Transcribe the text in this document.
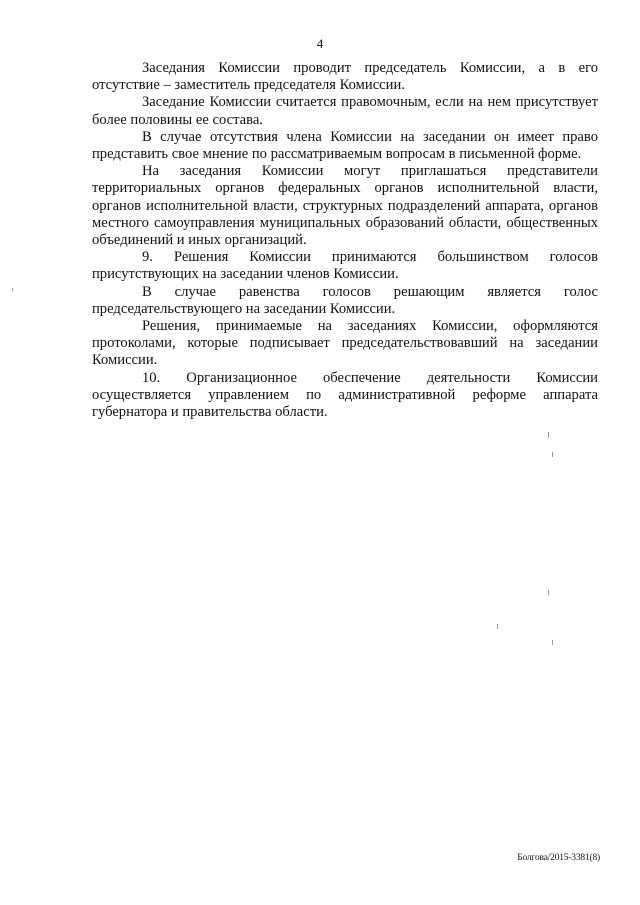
4

Заседания Комиссии проводит председатель Комиссии, а в его отсутствие – заместитель председателя Комиссии.

Заседание Комиссии считается правомочным, если на нем присутствует более половины ее состава.

В случае отсутствия члена Комиссии на заседании он имеет право представить свое мнение по рассматриваемым вопросам в письменной форме.

На заседания Комиссии могут приглашаться представители территориальных органов федеральных органов исполнительной власти, органов исполнительной власти, структурных подразделений аппарата, органов местного самоуправления муниципальных образований области, общественных объединений и иных организаций.

9. Решения Комиссии принимаются большинством голосов присутствующих на заседании членов Комиссии.

В случае равенства голосов решающим является голос председательствующего на заседании Комиссии.

Решения, принимаемые на заседаниях Комиссии, оформляются протоколами, которые подписывает председательствовавший на заседании Комиссии.

10. Организационное обеспечение деятельности Комиссии осуществляется управлением по административной реформе аппарата губернатора и правительства области.

Болгова/2015-3381(8)
